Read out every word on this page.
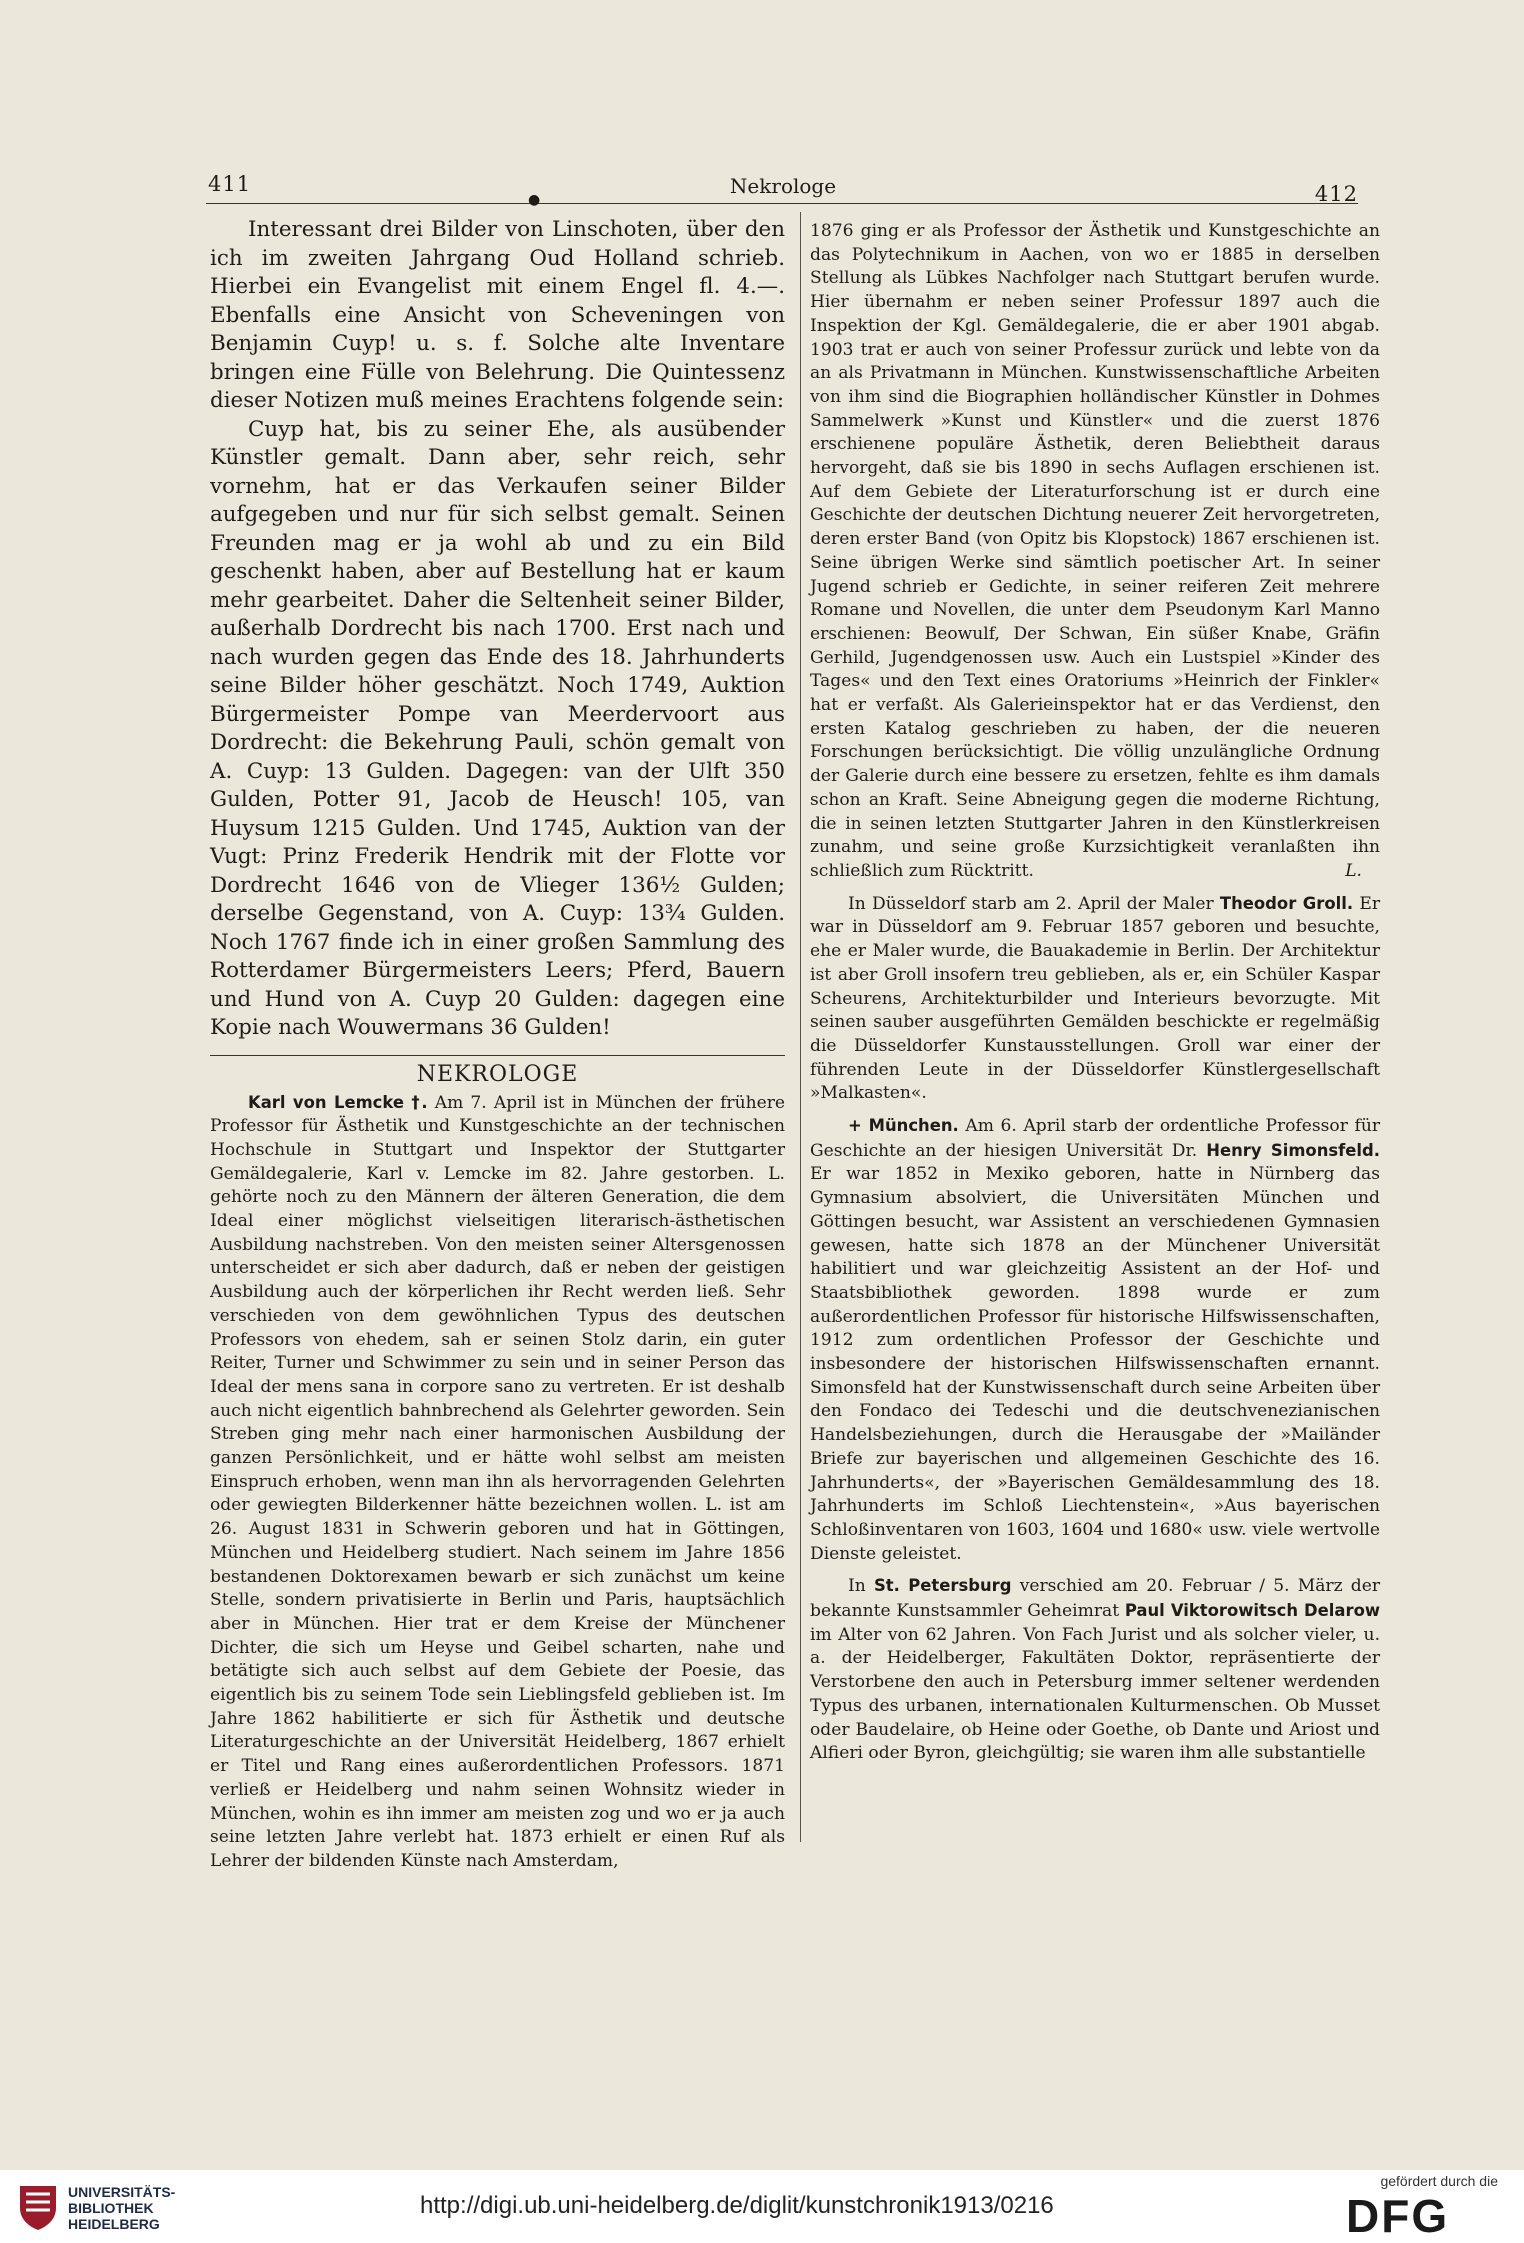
411	Nekrologe	412
●

Interessant drei Bilder von Linschoten, über den ich im zweiten Jahrgang Oud Holland schrieb. Hierbei ein Evangelist mit einem Engel fl. 4.—. Ebenfalls eine Ansicht von Scheveningen von Benjamin Cuyp! u. s. f. Solche alte Inventare bringen eine Fülle von Belehrung. Die Quintessenz dieser Notizen muß meines Erachtens folgende sein:

Cuyp hat, bis zu seiner Ehe, als ausübender Künstler gemalt. Dann aber, sehr reich, sehr vornehm, hat er das Verkaufen seiner Bilder aufgegeben und nur für sich selbst gemalt. Seinen Freunden mag er ja wohl ab und zu ein Bild geschenkt haben, aber auf Bestellung hat er kaum mehr gearbeitet. Daher die Seltenheit seiner Bilder, außerhalb Dordrecht bis nach 1700. Erst nach und nach wurden gegen das Ende des 18. Jahrhunderts seine Bilder höher geschätzt. Noch 1749, Auktion Bürgermeister Pompe van Meerdervoort aus Dordrecht: die Bekehrung Pauli, schön gemalt von A. Cuyp: 13 Gulden. Dagegen: van der Ulft 350 Gulden, Potter 91, Jacob de Heusch! 105, van Huysum 1215 Gulden. Und 1745, Auktion van der Vugt: Prinz Frederik Hendrik mit der Flotte vor Dordrecht 1646 von de Vlieger 136½ Gulden; derselbe Gegenstand, von A. Cuyp: 13¾ Gulden. Noch 1767 finde ich in einer großen Sammlung des Rotterdamer Bürgermeisters Leers; Pferd, Bauern und Hund von A. Cuyp 20 Gulden: dagegen eine Kopie nach Wouwermans 36 Gulden!

NEKROLOGE

Karl von Lemcke †. Am 7. April ist in München der frühere Professor für Ästhetik und Kunstgeschichte an der technischen Hochschule in Stuttgart und Inspektor der Stuttgarter Gemäldegalerie, Karl v. Lemcke im 82. Jahre gestorben. L. gehörte noch zu den Männern der älteren Generation, die dem Ideal einer möglichst vielseitigen literarisch-ästhetischen Ausbildung nachstreben. Von den meisten seiner Altersgenossen unterscheidet er sich aber dadurch, daß er neben der geistigen Ausbildung auch der körperlichen ihr Recht werden ließ. Sehr verschieden von dem gewöhnlichen Typus des deutschen Professors von ehedem, sah er seinen Stolz darin, ein guter Reiter, Turner und Schwimmer zu sein und in seiner Person das Ideal der mens sana in corpore sano zu vertreten. Er ist deshalb auch nicht eigentlich bahnbrechend als Gelehrter geworden. Sein Streben ging mehr nach einer harmonischen Ausbildung der ganzen Persönlichkeit, und er hätte wohl selbst am meisten Einspruch erhoben, wenn man ihn als hervorragenden Gelehrten oder gewiegten Bilderkenner hätte bezeichnen wollen. L. ist am 26. August 1831 in Schwerin geboren und hat in Göttingen, München und Heidelberg studiert. Nach seinem im Jahre 1856 bestandenen Doktorexamen bewarb er sich zunächst um keine Stelle, sondern privatisierte in Berlin und Paris, hauptsächlich aber in München. Hier trat er dem Kreise der Münchener Dichter, die sich um Heyse und Geibel scharten, nahe und betätigte sich auch selbst auf dem Gebiete der Poesie, das eigentlich bis zu seinem Tode sein Lieblingsfeld geblieben ist. Im Jahre 1862 habilitierte er sich für Ästhetik und deutsche Literaturgeschichte an der Universität Heidelberg, 1867 erhielt er Titel und Rang eines außerordentlichen Professors. 1871 verließ er Heidelberg und nahm seinen Wohnsitz wieder in München, wohin es ihn immer am meisten zog und wo er ja auch seine letzten Jahre verlebt hat. 1873 erhielt er einen Ruf als Lehrer der bildenden Künste nach Amsterdam,

1876 ging er als Professor der Ästhetik und Kunstgeschichte an das Polytechnikum in Aachen, von wo er 1885 in derselben Stellung als Lübkes Nachfolger nach Stuttgart berufen wurde. Hier übernahm er neben seiner Professur 1897 auch die Inspektion der Kgl. Gemäldegalerie, die er aber 1901 abgab. 1903 trat er auch von seiner Professur zurück und lebte von da an als Privatmann in München. Kunstwissenschaftliche Arbeiten von ihm sind die Biographien holländischer Künstler in Dohmes Sammelwerk »Kunst und Künstler« und die zuerst 1876 erschienene populäre Ästhetik, deren Beliebtheit daraus hervorgeht, daß sie bis 1890 in sechs Auflagen erschienen ist. Auf dem Gebiete der Literaturforschung ist er durch eine Geschichte der deutschen Dichtung neuerer Zeit hervorgetreten, deren erster Band (von Opitz bis Klopstock) 1867 erschienen ist. Seine übrigen Werke sind sämtlich poetischer Art. In seiner Jugend schrieb er Gedichte, in seiner reiferen Zeit mehrere Romane und Novellen, die unter dem Pseudonym Karl Manno erschienen: Beowulf, Der Schwan, Ein süßer Knabe, Gräfin Gerhild, Jugendgenossen usw. Auch ein Lustspiel »Kinder des Tages« und den Text eines Oratoriums »Heinrich der Finkler« hat er verfaßt. Als Galerieinspektor hat er das Verdienst, den ersten Katalog geschrieben zu haben, der die neueren Forschungen berücksichtigt. Die völlig unzulängliche Ordnung der Galerie durch eine bessere zu ersetzen, fehlte es ihm damals schon an Kraft. Seine Abneigung gegen die moderne Richtung, die in seinen letzten Stuttgarter Jahren in den Künstlerkreisen zunahm, und seine große Kurzsichtigkeit veranlaßten ihn schließlich zum Rücktritt.	L.

In Düsseldorf starb am 2. April der Maler Theodor Groll. Er war in Düsseldorf am 9. Februar 1857 geboren und besuchte, ehe er Maler wurde, die Bauakademie in Berlin. Der Architektur ist aber Groll insofern treu geblieben, als er, ein Schüler Kaspar Scheurens, Architekturbilder und Interieurs bevorzugte. Mit seinen sauber ausgeführten Gemälden beschickte er regelmäßig die Düsseldorfer Kunstausstellungen. Groll war einer der führenden Leute in der Düsseldorfer Künstlergesellschaft »Malkasten«.

+ München. Am 6. April starb der ordentliche Professor für Geschichte an der hiesigen Universität Dr. Henry Simonsfeld. Er war 1852 in Mexiko geboren, hatte in Nürnberg das Gymnasium absolviert, die Universitäten München und Göttingen besucht, war Assistent an verschiedenen Gymnasien gewesen, hatte sich 1878 an der Münchener Universität habilitiert und war gleichzeitig Assistent an der Hof- und Staatsbibliothek geworden. 1898 wurde er zum außerordentlichen Professor für historische Hilfswissenschaften, 1912 zum ordentlichen Professor der Geschichte und insbesondere der historischen Hilfswissenschaften ernannt. Simonsfeld hat der Kunstwissenschaft durch seine Arbeiten über den Fondaco dei Tedeschi und die deutschvenezianischen Handelsbeziehungen, durch die Herausgabe der »Mailänder Briefe zur bayerischen und allgemeinen Geschichte des 16. Jahrhunderts«, der »Bayerischen Gemäldesammlung des 18. Jahrhunderts im Schloß Liechtenstein«, »Aus bayerischen Schloßinventaren von 1603, 1604 und 1680« usw. viele wertvolle Dienste geleistet.

In St. Petersburg verschied am 20. Februar / 5. März der bekannte Kunstsammler Geheimrat Paul Viktorowitsch Delarow im Alter von 62 Jahren. Von Fach Jurist und als solcher vieler, u. a. der Heidelberger, Fakultäten Doktor, repräsentierte der Verstorbene den auch in Petersburg immer seltener werdenden Typus des urbanen, internationalen Kulturmenschen. Ob Musset oder Baudelaire, ob Heine oder Goethe, ob Dante und Ariost und Alfieri oder Byron, gleichgültig; sie waren ihm alle substantielle

UNIVERSITÄTS-
BIBLIOTHEK
HEIDELBERG
http://digi.ub.uni-heidelberg.de/diglit/kunstchronik1913/0216
gefördert durch die
DFG
